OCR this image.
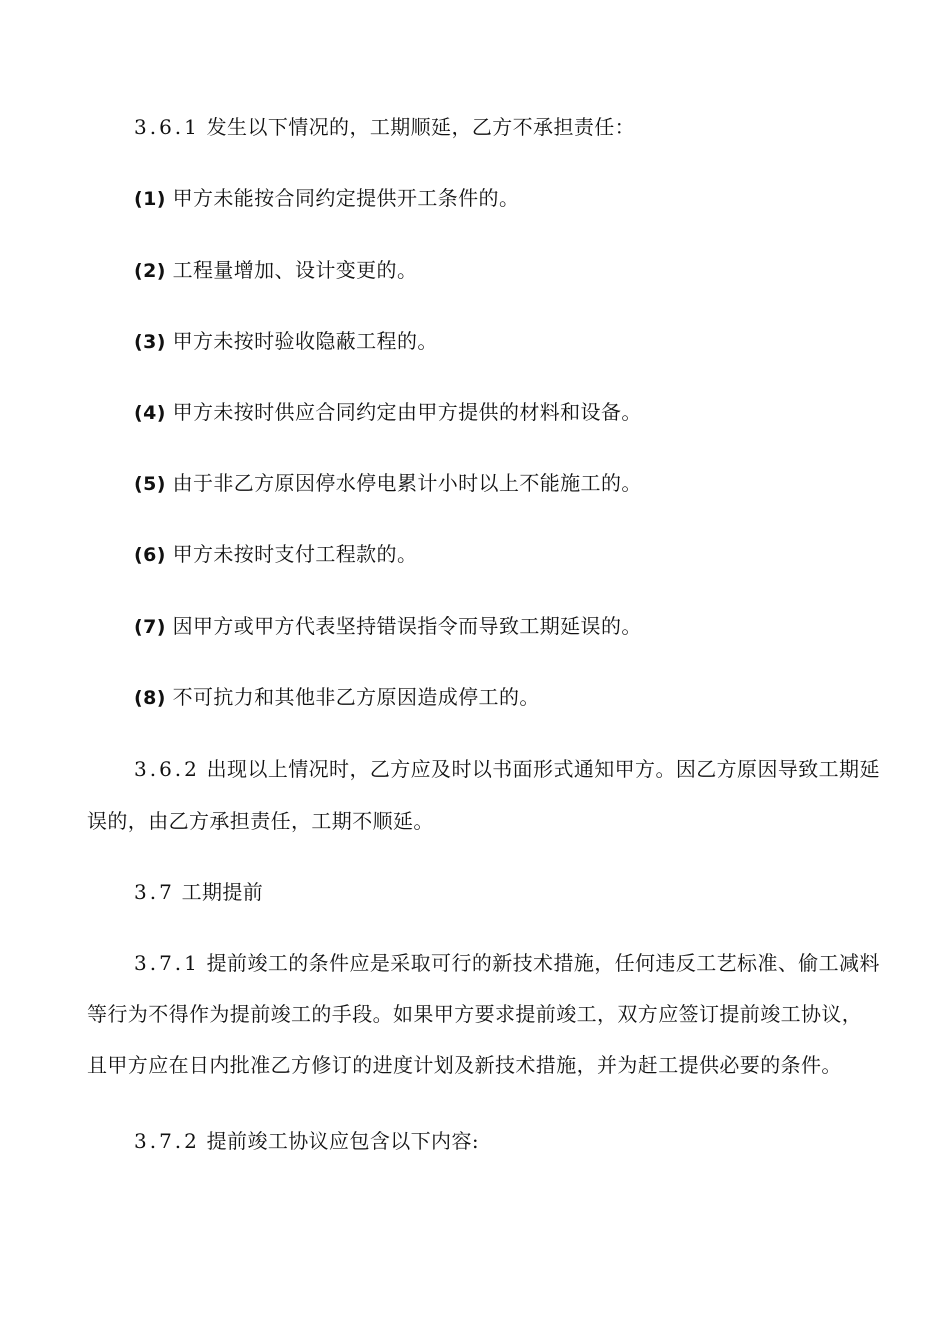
3.6.1 发生以下情况的，工期顺延，乙方不承担责任：
(1) 甲方未能按合同约定提供开工条件的。
(2) 工程量增加、设计变更的。
(3) 甲方未按时验收隐蔽工程的。
(4) 甲方未按时供应合同约定由甲方提供的材料和设备。
(5) 由于非乙方原因停水停电累计小时以上不能施工的。
(6) 甲方未按时支付工程款的。
(7) 因甲方或甲方代表坚持错误指令而导致工期延误的。
(8) 不可抗力和其他非乙方原因造成停工的。
3.6.2 出现以上情况时，乙方应及时以书面形式通知甲方。因乙方原因导致工期延
误的，由乙方承担责任，工期不顺延。
3.7 工期提前
3.7.1 提前竣工的条件应是采取可行的新技术措施，任何违反工艺标准、偷工减料
等行为不得作为提前竣工的手段。如果甲方要求提前竣工，双方应签订提前竣工协议，
且甲方应在日内批准乙方修订的进度计划及新技术措施，并为赶工提供必要的条件。
3.7.2 提前竣工协议应包含以下内容:
